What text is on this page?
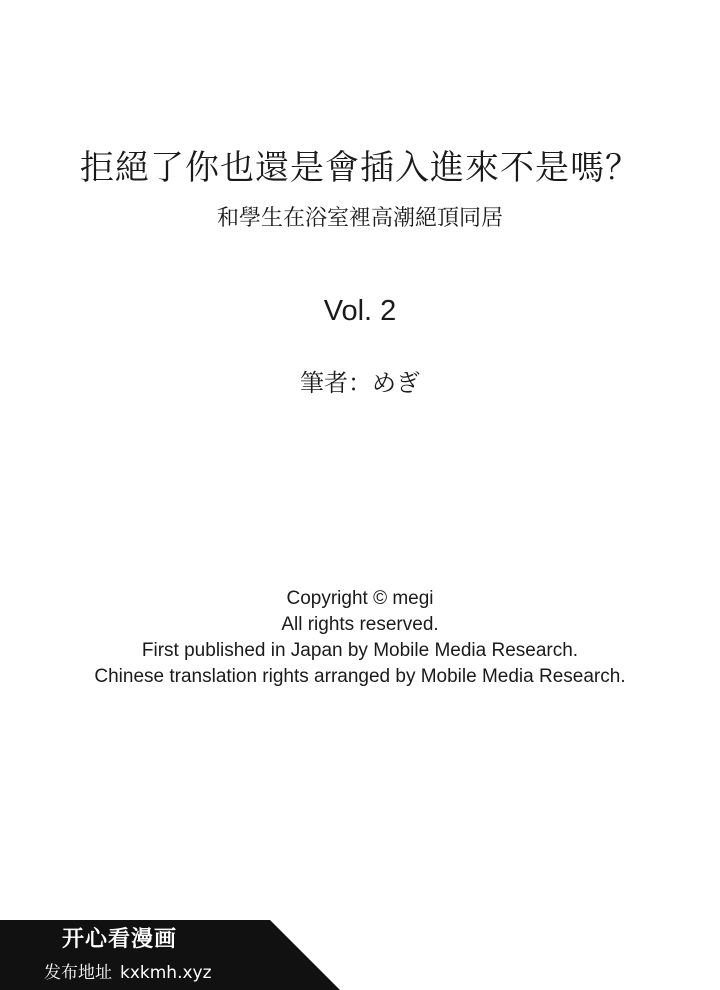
拒絕了你也還是會插入進來不是嗎？
和學生在浴室裡高潮絕頂同居
Vol. 2
筆者：めぎ
Copyright © megi
All rights reserved.
First published in Japan by Mobile Media Research.
Chinese translation rights arranged by Mobile Media Research.
开心看漫画
发布地址 kxkmh.xyz
